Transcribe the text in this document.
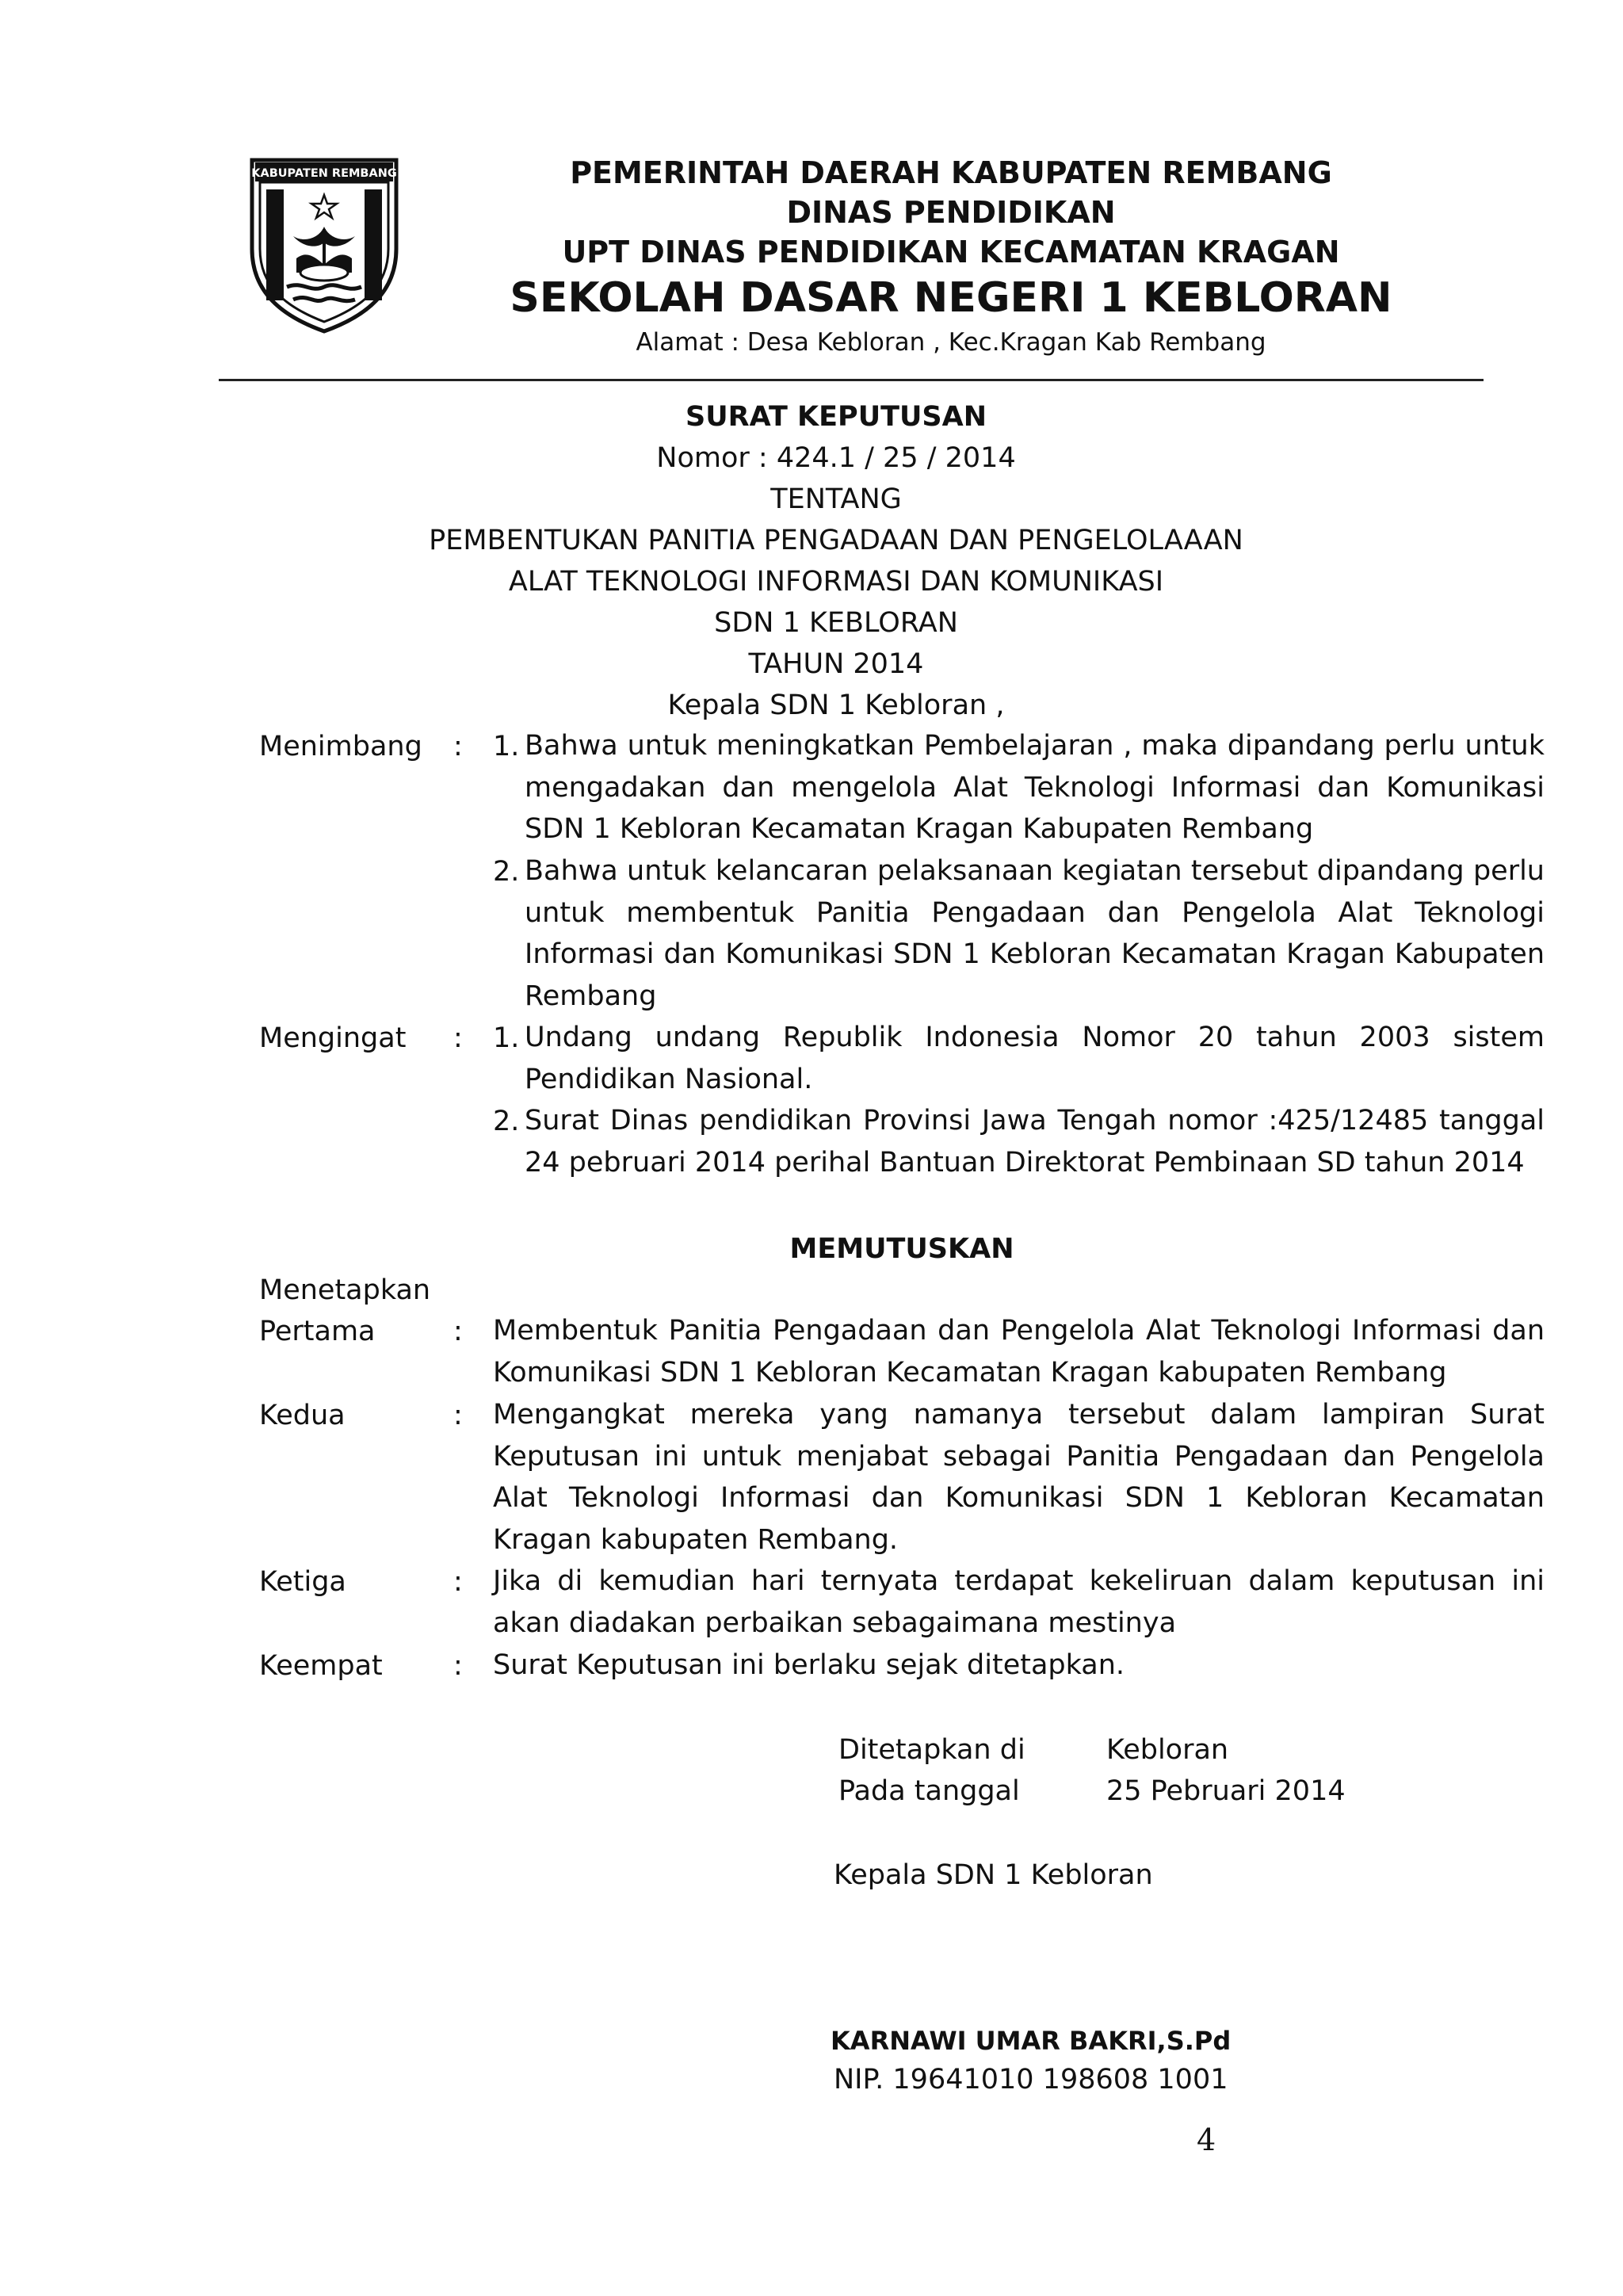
KABUPATEN REMBANG	PEMERINTAH DAERAH KABUPATEN REMBANG
DINAS PENDIDIKAN
UPT DINAS PENDIDIKAN KECAMATAN KRAGAN
SEKOLAH DASAR NEGERI 1 KEBLORAN
Alamat : Desa Kebloran , Kec.Kragan Kab Rembang
SURAT KEPUTUSAN
Nomor : 424.1 / 25 / 2014
TENTANG
PEMBENTUKAN PANITIA PENGADAAN DAN PENGELOLAAAN
ALAT TEKNOLOGI INFORMASI DAN KOMUNIKASI
SDN 1 KEBLORAN
TAHUN 2014
Kepala SDN 1 Kebloran ,
Menimbang : 1. Bahwa untuk meningkatkan Pembelajaran , maka dipandang perlu untuk mengadakan dan mengelola Alat Teknologi Informasi dan Komunikasi SDN 1 Kebloran Kecamatan Kragan Kabupaten Rembang
2. Bahwa untuk kelancaran pelaksanaan kegiatan tersebut dipandang perlu untuk membentuk Panitia Pengadaan dan Pengelola Alat Teknologi Informasi dan Komunikasi SDN 1 Kebloran Kecamatan Kragan Kabupaten Rembang
Mengingat : 1. Undang undang Republik Indonesia Nomor 20 tahun 2003 sistem Pendidikan Nasional.
2. Surat Dinas pendidikan Provinsi Jawa Tengah nomor :425/12485 tanggal 24 pebruari 2014 perihal Bantuan Direktorat Pembinaan SD tahun 2014
MEMUTUSKAN
Menetapkan
Pertama	: Membentuk Panitia Pengadaan dan Pengelola Alat Teknologi Informasi dan Komunikasi SDN 1 Kebloran Kecamatan Kragan kabupaten Rembang
Kedua	: Mengangkat mereka yang namanya tersebut dalam lampiran Surat Keputusan ini untuk menjabat sebagai Panitia Pengadaan dan Pengelola Alat Teknologi Informasi dan Komunikasi SDN 1 Kebloran Kecamatan Kragan kabupaten Rembang.
Ketiga	: Jika di kemudian hari ternyata terdapat kekeliruan dalam keputusan ini akan diadakan perbaikan sebagaimana mestinya
Keempat	: Surat Keputusan ini berlaku sejak ditetapkan.
Ditetapkan di	Kebloran
Pada tanggal	25 Pebruari 2014
Kepala SDN 1 Kebloran
KARNAWI UMAR BAKRI,S.Pd
NIP. 19641010 198608 1001
4
